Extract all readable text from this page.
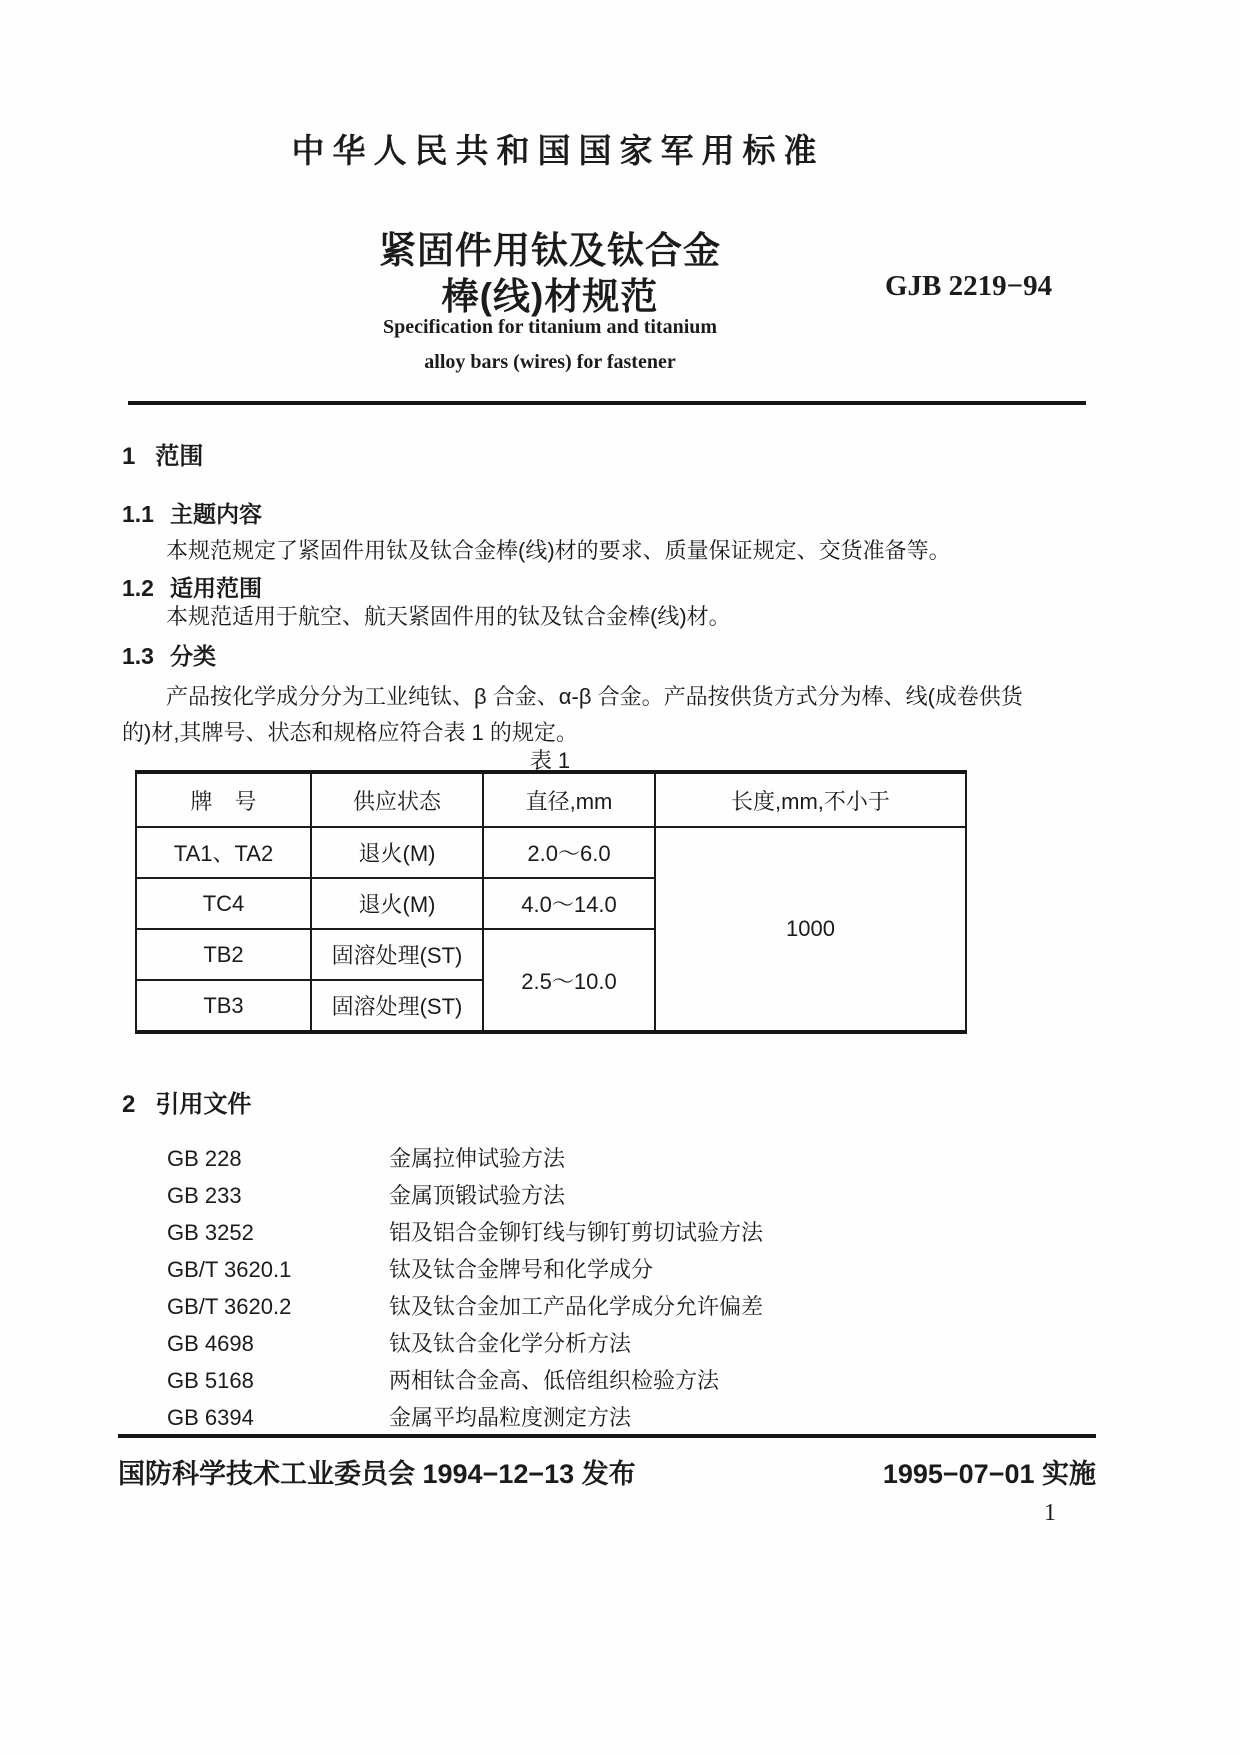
中华人民共和国国家军用标准
紧固件用钛及钛合金
棒(线)材规范	GJB 2219−94
Specification for titanium and titanium
alloy bars (wires) for fastener
1 范围
1.1 主题内容
本规范规定了紧固件用钛及钛合金棒(线)材的要求、质量保证规定、交货准备等。
1.2 适用范围
本规范适用于航空、航天紧固件用的钛及钛合金棒(线)材。
1.3 分类
产品按化学成分分为工业纯钛、β 合金、α-β 合金。产品按供货方式分为棒、线(成卷供货
的)材,其牌号、状态和规格应符合表 1 的规定。
表 1
牌　号	供应状态	直径,mm	长度,mm,不小于
TA1、TA2	退火(M)	2.0～6.0	1000
TC4	退火(M)	4.0～14.0	
TB2	固溶处理(ST)	2.5～10.0	
TB3	固溶处理(ST)		
2 引用文件
GB 228	金属拉伸试验方法
GB 233	金属顶锻试验方法
GB 3252	铝及铝合金铆钉线与铆钉剪切试验方法
GB/T 3620.1	钛及钛合金牌号和化学成分
GB/T 3620.2	钛及钛合金加工产品化学成分允许偏差
GB 4698	钛及钛合金化学分析方法
GB 5168	两相钛合金高、低倍组织检验方法
GB 6394	金属平均晶粒度测定方法
国防科学技术工业委员会 1994−12−13 发布	1995−07−01 实施
1
